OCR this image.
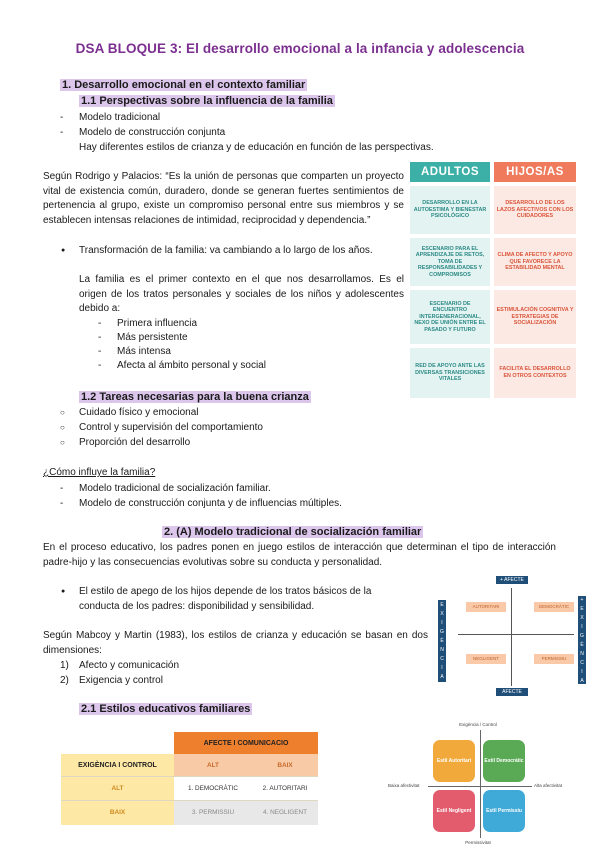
DSA BLOQUE 3: El desarrollo emocional a la infancia y adolescencia
1. Desarrollo emocional en el contexto familiar
1.1 Perspectivas sobre la influencia de la familia
- Modelo tradicional
- Modelo de construcción conjunta
Hay diferentes estilos de crianza y de educación en función de las perspectivas.
Según Rodrigo y Palacios: “Es la unión de personas que comparten un proyecto vital de existencia común, duradero, donde se generan fuertes sentimientos de pertenencia al grupo, existe un compromiso personal entre sus miembros y se establecen intensas relaciones de intimidad, reciprocidad y dependencia.”
● Transformación de la familia: va cambiando a lo largo de los años.
La familia es el primer contexto en el que nos desarrollamos. Es el origen de los tratos personales y sociales de los niños y adolescentes debido a:
- Primera influencia
- Más persistente
- Más intensa
- Afecta al ámbito personal y social
ADULTOS	HIJOS/AS
DESARROLLO EN LA AUTOESTIMA Y BIENESTAR PSICOLÓGICO
DESARROLLO DE LOS LAZOS AFECTIVOS CON LOS CUIDADORES
ESCENARIO PARA EL APRENDIZAJE DE RETOS, TOMA DE RESPONSABILIDADES Y COMPROMISOS
CLIMA DE AFECTO Y APOYO QUE FAVORECE LA ESTABILIDAD MENTAL
ESCENARIO DE ENCUENTRO INTERGENERACIONAL, NEXO DE UNIÓN ENTRE EL PASADO Y FUTURO
ESTIMULACIÓN COGNITIVA Y ESTRATEGIAS DE SOCIALIZACIÓN
RED DE APOYO ANTE LAS DIVERSAS TRANSICIONES VITALES
FACILITA EL DESARROLLO EN OTROS CONTEXTOS
1.2 Tareas necesarias para la buena crianza
○ Cuidado físico y emocional
○ Control y supervisión del comportamiento
○ Proporción del desarrollo
¿Cómo influye la familia?
- Modelo tradicional de socialización familiar.
- Modelo de construcción conjunta y de influencias múltiples.
2. (A) Modelo tradicional de socialización familiar
En el proceso educativo, los padres ponen en juego estilos de interacción que determinan el tipo de interacción padre-hijo y las consecuencias evolutivas sobre su conducta y personalidad.
● El estilo de apego de los hijos depende de los tratos básicos de la conducta de los padres: disponibilidad y sensibilidad.
Según Mabcoy y Martin (1983), los estilos de crianza y educación se basan en dos dimensiones:
1) Afecto y comunicación
2) Exigencia y control
2.1 Estilos educativos familiares
+ AFECTE
AFECTE
E
X
I
G
È
N
C
I
A
+
E
X
I
G
È
N
C
I
A
AUTORITARI	DEMOCRÀTIC
NEGLIGENT	PERMISSIU
AFECTE I COMUNICACIO
EXIGÈNCIA I CONTROL	ALT	BAIX
ALT	1. DEMOCRÀTIC	2. AUTORITARI
BAIX	3. PERMISSIU	4. NEGLIGENT
Exigència / Control
Permissivitat
Baixa afectivitat	Alta afectivitat
Estil Autoritari	Estil Democràtic
Estil Negligent	Estil Permissiu
